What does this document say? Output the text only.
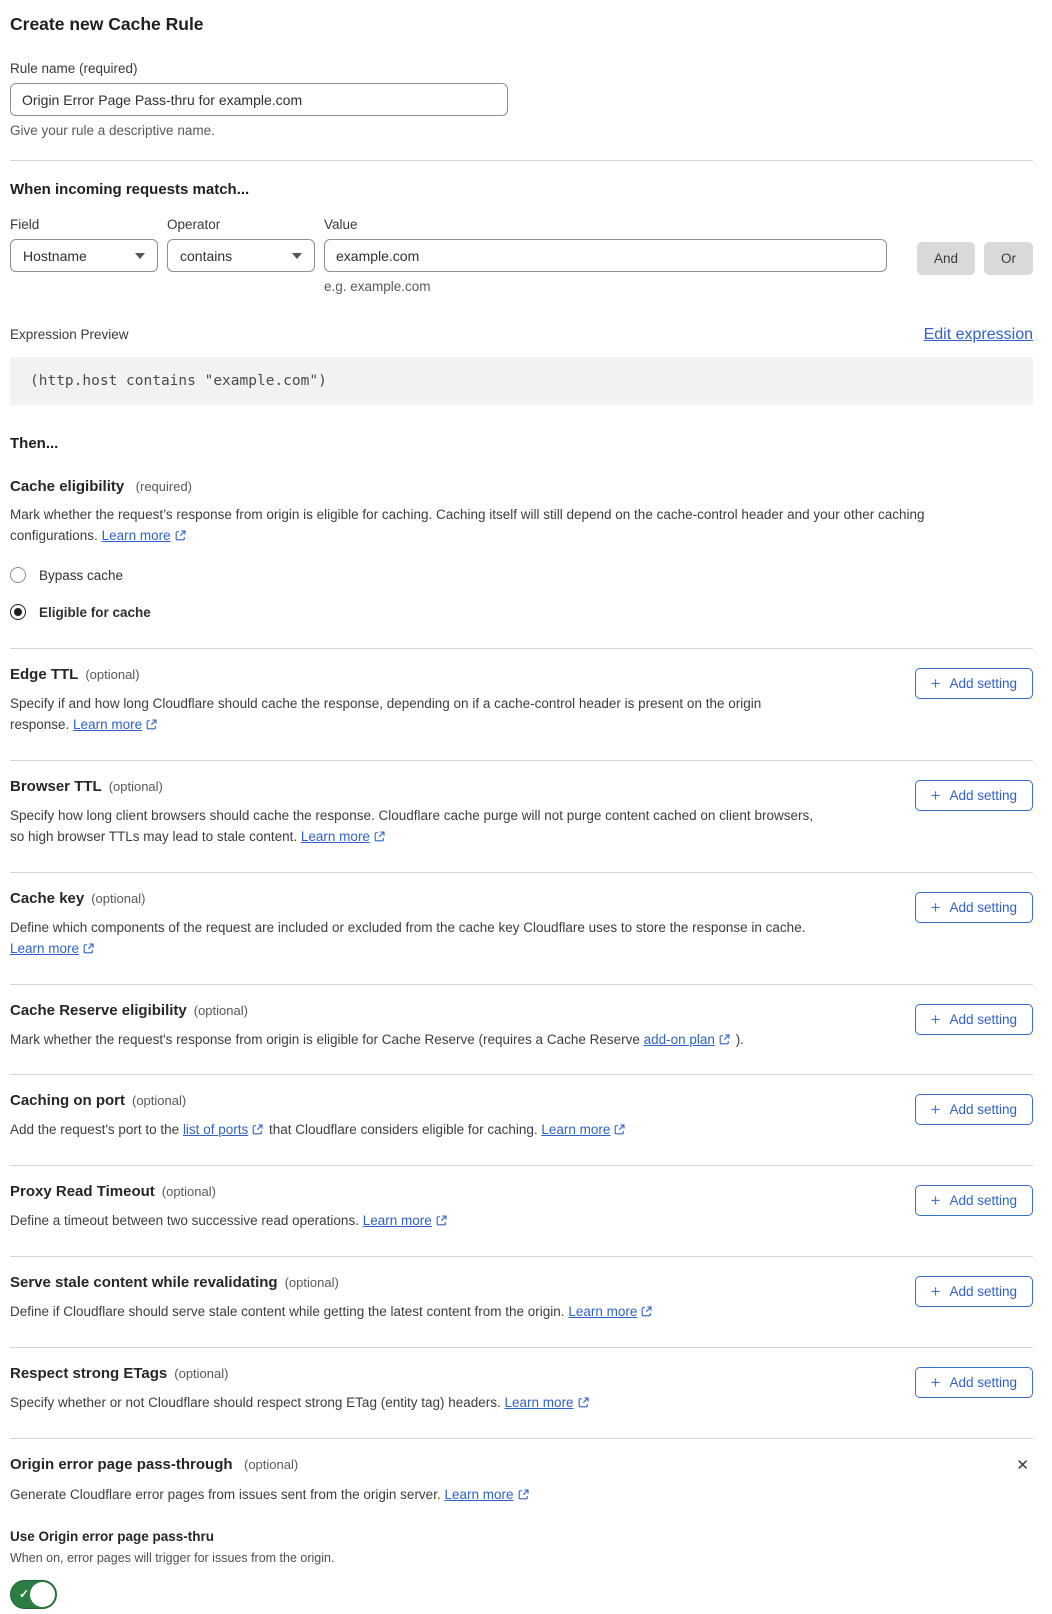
Create new Cache Rule
Rule name (required)
Origin Error Page Pass-thru for example.com
Give your rule a descriptive name.
When incoming requests match...
Field
Hostname
Operator
contains
Value
example.com
e.g. example.com
And	Or
Expression Preview	Edit expression
(http.host contains "example.com")
Then...
Cache eligibility (required)

Mark whether the request’s response from origin is eligible for caching. Caching itself will still depend on the cache-control header and your other caching configurations. Learn more

Bypass cache
Eligible for cache
Edge TTL (optional)

Specify if and how long Cloudflare should cache the response, depending on if a cache-control header is present on the origin response. Learn more

+ Add setting
Browser TTL (optional)

Specify how long client browsers should cache the response. Cloudflare cache purge will not purge content cached on client browsers, so high browser TTLs may lead to stale content. Learn more

+ Add setting
Cache key (optional)

Define which components of the request are included or excluded from the cache key Cloudflare uses to store the response in cache. Learn more

+ Add setting
Cache Reserve eligibility (optional)

Mark whether the request's response from origin is eligible for Cache Reserve (requires a Cache Reserve add-on plan ).

+ Add setting
Caching on port (optional)

Add the request's port to the list of ports that Cloudflare considers eligible for caching. Learn more

+ Add setting
Proxy Read Timeout (optional)

Define a timeout between two successive read operations. Learn more

+ Add setting
Serve stale content while revalidating (optional)

Define if Cloudflare should serve stale content while getting the latest content from the origin. Learn more

+ Add setting
Respect strong ETags (optional)

Specify whether or not Cloudflare should respect strong ETag (entity tag) headers. Learn more

+ Add setting
Origin error page pass-through (optional)	✕

Generate Cloudflare error pages from issues sent from the origin server. Learn more

Use Origin error page pass-thru
When on, error pages will trigger for issues from the origin.
✓
